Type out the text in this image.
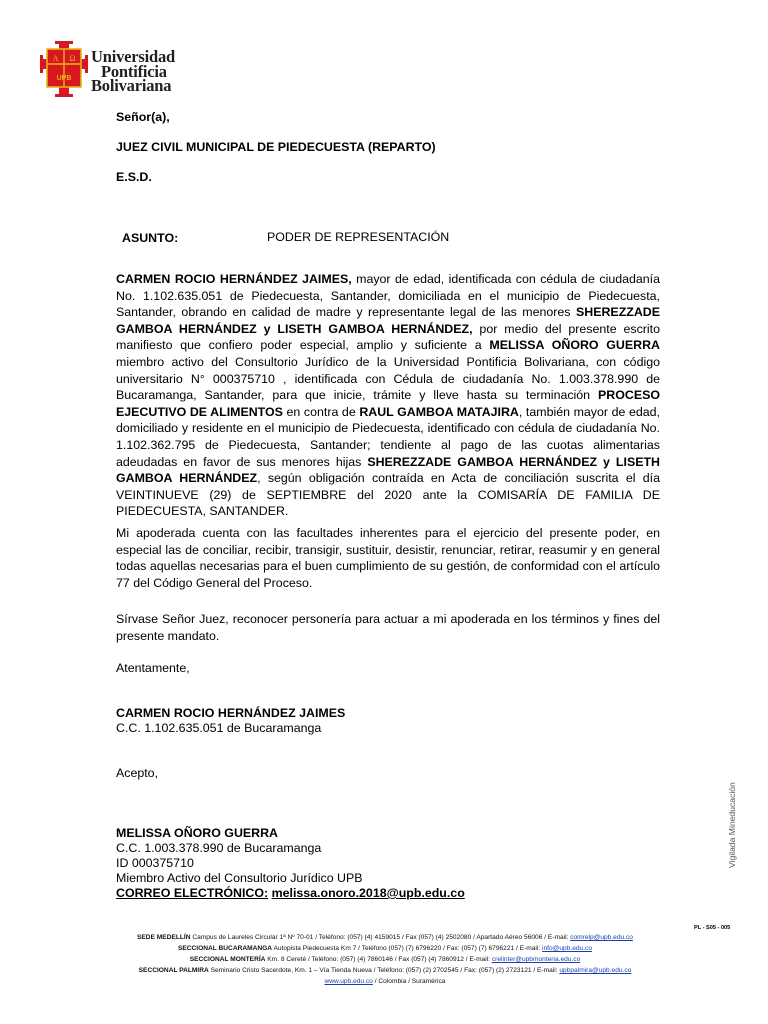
A Ω
UPB
Universidad
Pontificia
Bolivariana
Señor(a),
JUEZ CIVIL MUNICIPAL DE PIEDECUESTA (REPARTO)
E.S.D.
ASUNTO:	PODER DE REPRESENTACIÓN
CARMEN ROCIO HERNÁNDEZ JAIMES, mayor de edad, identificada con cédula de ciudadanía No. 1.102.635.051 de Piedecuesta, Santander, domiciliada en el municipio de Piedecuesta, Santander, obrando en calidad de madre y representante legal de las menores SHEREZZADE GAMBOA HERNÁNDEZ y LISETH GAMBOA HERNÁNDEZ, por medio del presente escrito manifiesto que confiero poder especial, amplio y suficiente a MELISSA OÑORO GUERRA miembro activo del Consultorio Jurídico de la Universidad Pontificia Bolivariana, con código universitario N° 000375710 , identificada con Cédula de ciudadanía No. 1.003.378.990 de Bucaramanga, Santander, para que inicie, trámite y lleve hasta su terminación PROCESO EJECUTIVO DE ALIMENTOS en contra de RAUL GAMBOA MATAJIRA, también mayor de edad, domiciliado y residente en el municipio de Piedecuesta, identificado con cédula de ciudadanía No. 1.102.362.795 de Piedecuesta, Santander; tendiente al pago de las cuotas alimentarias adeudadas en favor de sus menores hijas SHEREZZADE GAMBOA HERNÁNDEZ y LISETH GAMBOA HERNÁNDEZ, según obligación contraída en Acta de conciliación suscrita el día VEINTINUEVE (29) de SEPTIEMBRE del 2020 ante la COMISARÍA DE FAMILIA DE PIEDECUESTA, SANTANDER.
Mi apoderada cuenta con las facultades inherentes para el ejercicio del presente poder, en especial las de conciliar, recibir, transigir, sustituir, desistir, renunciar, retirar, reasumir y en general todas aquellas necesarias para el buen cumplimiento de su gestión, de conformidad con el artículo 77 del Código General del Proceso.
Sírvase Señor Juez, reconocer personería para actuar a mi apoderada en los términos y fines del presente mandato.
Atentamente,
CARMEN ROCIO HERNÁNDEZ JAIMES
C.C. 1.102.635.051 de Bucaramanga
Acepto,
MELISSA OÑORO GUERRA
C.C. 1.003.378.990 de Bucaramanga
ID 000375710
Miembro Activo del Consultorio Jurídico UPB
CORREO ELECTRÓNICO: melissa.onoro.2018@upb.edu.co
Vigilada Mineducación
PL - S05 - 005
SEDE MEDELLÍN Campus de Laureles Circular 1ª Nº 70-01 / Teléfono: (057) (4) 4159015 / Fax (057) (4) 2502080 / Apartado Aéreo 56006 / E-mail: comrelp@upb.edu.co
SECCIONAL BUCARAMANGA Autopista Piedecuesta Km 7 / Teléfono (057) (7) 6796220 / Fax: (057) (7) 6796221 / E-mail: info@upb.edu.co
SECCIONAL MONTERÍA Km. 8 Cereté / Teléfono: (057) (4) 7860146 / Fax (057) (4) 7860912 / E-mail: crelinter@upbmonteria.edu.co
SECCIONAL PALMIRA Seminario Cristo Sacerdote, Km. 1 – Vía Tienda Nueva / Teléfono: (057) (2) 2702545 / Fax: (057) (2) 2723121 / E-mail: upbpalmira@upb.edu.co
www.upb.edu.co / Colombia / Suramérica
